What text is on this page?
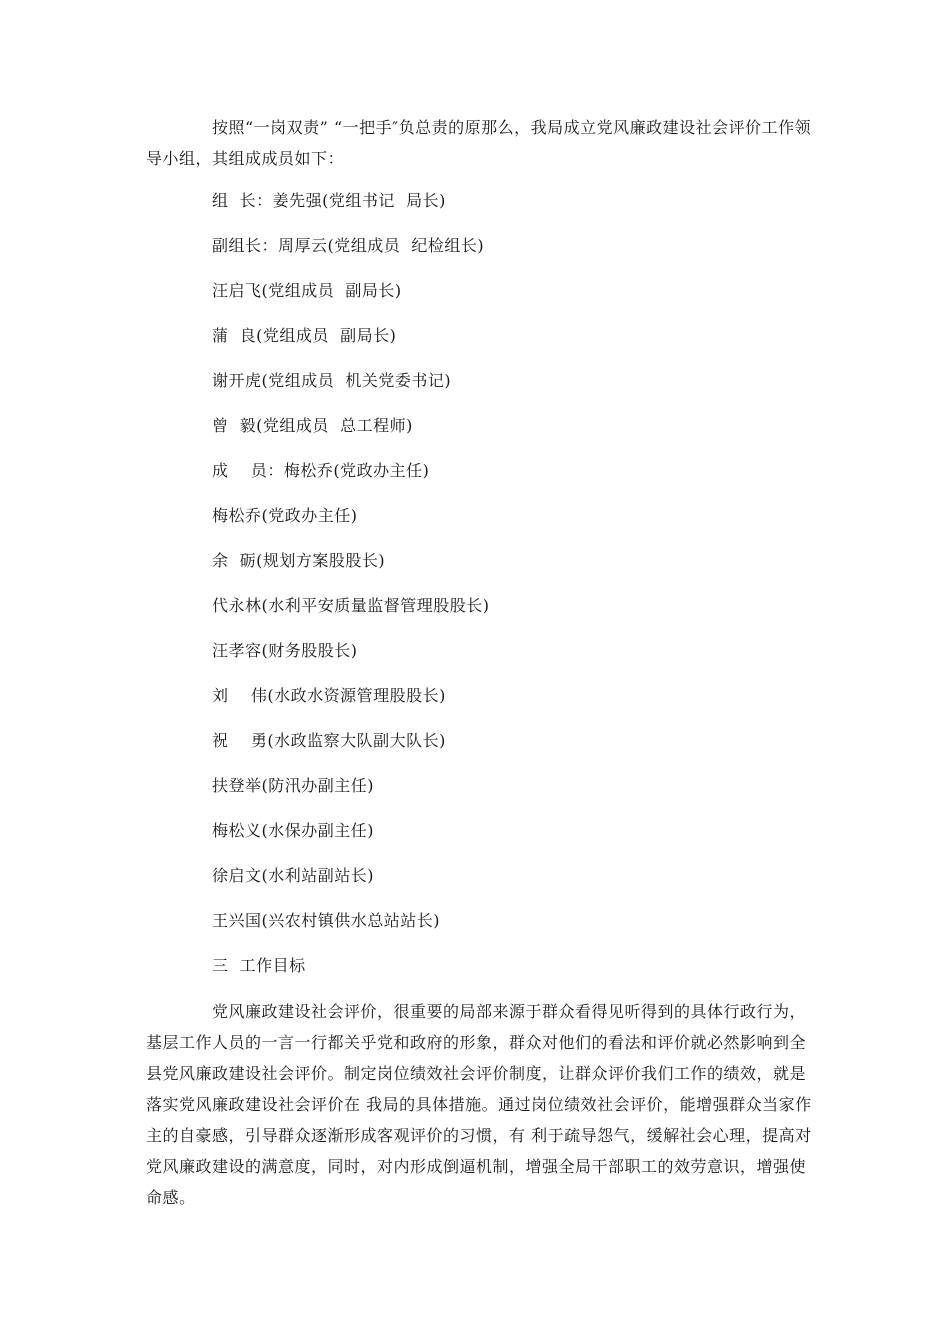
按照“一岗双责” “一把手″负总责的原那么，我局成立党风廉政建设社会评价工作领导小组，其组成成员如下：

组  长：姜先强(党组书记  局长)

副组长：周厚云(党组成员  纪检组长)

汪启飞(党组成员  副局长)

蒲  良(党组成员  副局长)

谢开虎(党组成员  机关党委书记)

曾  毅(党组成员  总工程师)

成    员：梅松乔(党政办主任)

梅松乔(党政办主任)

余  砺(规划方案股股长)

代永林(水利平安质量监督管理股股长)

汪孝容(财务股股长)

刘    伟(水政水资源管理股股长)

祝    勇(水政监察大队副大队长)

扶登举(防汛办副主任)

梅松义(水保办副主任)

徐启文(水利站副站长)

王兴国(兴农村镇供水总站站长)

三  工作目标

党风廉政建设社会评价，很重要的局部来源于群众看得见听得到的具体行政行为，基层工作人员的一言一行都关乎党和政府的形象，群众对他们的看法和评价就必然影响到全县党风廉政建设社会评价。制定岗位绩效社会评价制度，让群众评价我们工作的绩效，就是落实党风廉政建设社会评价在 我局的具体措施。通过岗位绩效社会评价，能增强群众当家作主的自豪感，引导群众逐渐形成客观评价的习惯，有 利于疏导怨气，缓解社会心理，提高对党风廉政建设的满意度，同时，对内形成倒逼机制，增强全局干部职工的效劳意识，增强使命感。
